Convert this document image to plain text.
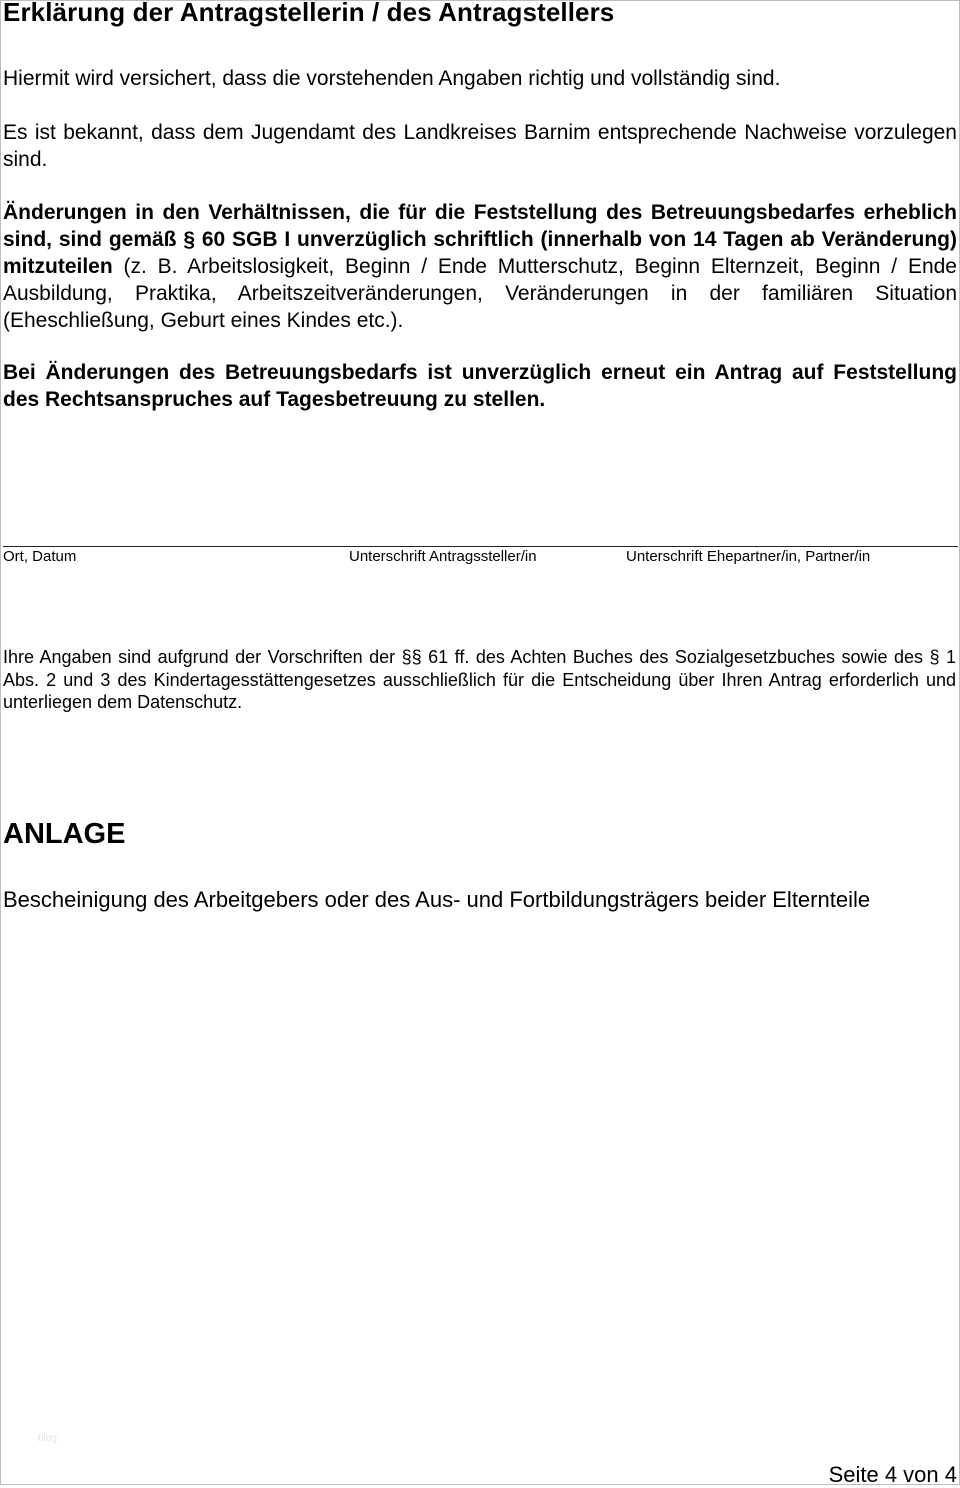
Erklärung der Antragstellerin / des Antragstellers

Hiermit wird versichert, dass die vorstehenden Angaben richtig und vollständig sind.

Es ist bekannt, dass dem Jugendamt des Landkreises Barnim entsprechende Nachweise vorzulegen sind.

Änderungen in den Verhältnissen, die für die Feststellung des Betreuungsbedarfes erheblich sind, sind gemäß § 60 SGB I unverzüglich schriftlich (innerhalb von 14 Tagen ab Veränderung) mitzuteilen (z. B. Arbeitslosigkeit, Beginn / Ende Mutterschutz, Beginn Elternzeit, Beginn / Ende Ausbildung, Praktika, Arbeitszeitveränderungen, Veränderungen in der familiären Situation (Eheschließung, Geburt eines Kindes etc.).

Bei Änderungen des Betreuungsbedarfs ist unverzüglich erneut ein Antrag auf Feststellung des Rechtsanspruches auf Tagesbetreuung zu stellen.

Ort, Datum	Unterschrift Antragssteller/in	Unterschrift Ehepartner/in, Partner/in

Ihre Angaben sind aufgrund der Vorschriften der §§ 61 ff. des Achten Buches des Sozialgesetzbuches sowie des § 1 Abs. 2 und 3 des Kindertagesstättengesetzes ausschließlich für die Entscheidung über Ihren Antrag erforderlich und unterliegen dem Datenschutz.

ANLAGE

Bescheinigung des Arbeitgebers oder des Aus- und Fortbildungsträgers beider Elternteile

blog
Seite 4 von 4
